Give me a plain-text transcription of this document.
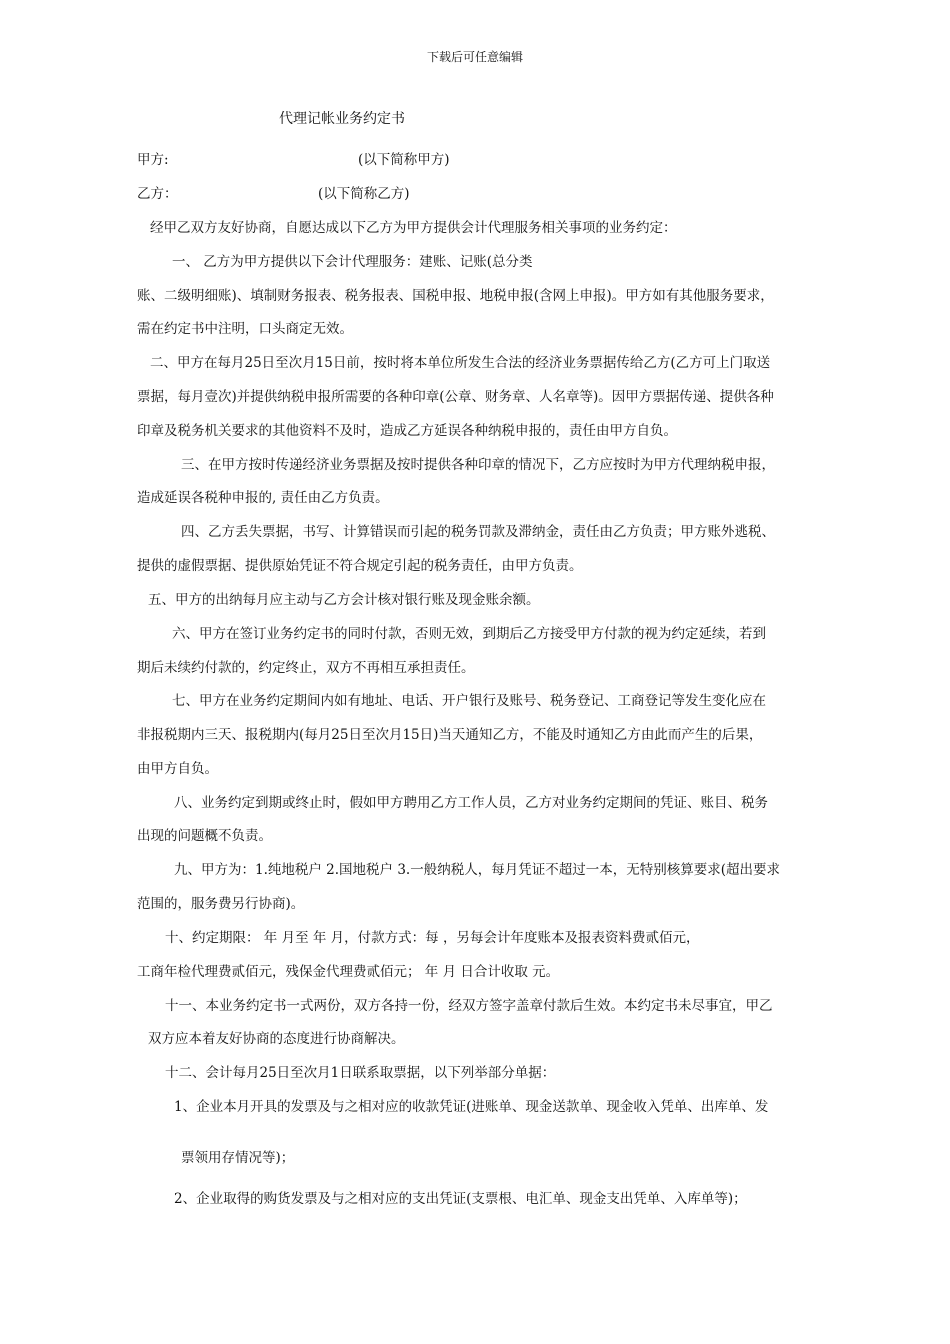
下载后可任意编辑
代理记帐业务约定书
甲方:	(以下简称甲方)
乙方：	(以下简称乙方)
经甲乙双方友好协商，自愿达成以下乙方为甲方提供会计代理服务相关事项的业务约定：
一、 乙方为甲方提供以下会计代理服务：建账、记账(总分类
账、二级明细账)、填制财务报表、税务报表、国税申报、地税申报(含网上申报)。甲方如有其他服务要求，
需在约定书中注明，口头商定无效。
二、甲方在每月25日至次月15日前，按时将本单位所发生合法的经济业务票据传给乙方(乙方可上门取送
票据，每月壹次)并提供纳税申报所需要的各种印章(公章、财务章、人名章等)。因甲方票据传递、提供各种
印章及税务机关要求的其他资料不及时，造成乙方延误各种纳税申报的，责任由甲方自负。
三、在甲方按时传递经济业务票据及按时提供各种印章的情况下，乙方应按时为甲方代理纳税申报，
造成延误各税种申报的, 责任由乙方负责。
四、乙方丢失票据，书写、计算错误而引起的税务罚款及滞纳金，责任由乙方负责；甲方账外逃税、
提供的虚假票据、提供原始凭证不符合规定引起的税务责任，由甲方负责。
五、甲方的出纳每月应主动与乙方会计核对银行账及现金账余额。
六、甲方在签订业务约定书的同时付款，否则无效，到期后乙方接受甲方付款的视为约定延续，若到
期后未续约付款的，约定终止，双方不再相互承担责任。
七、甲方在业务约定期间内如有地址、电话、开户银行及账号、税务登记、工商登记等发生变化应在
非报税期内三天、报税期内(每月25日至次月15日)当天通知乙方，不能及时通知乙方由此而产生的后果，
由甲方自负。
八、业务约定到期或终止时，假如甲方聘用乙方工作人员，乙方对业务约定期间的凭证、账目、税务
出现的问题概不负责。
九、甲方为：1.纯地税户 2.国地税户 3.一般纳税人，每月凭证不超过一本，无特别核算要求(超出要求
范围的，服务费另行协商)。
十、约定期限： 年 月至 年 月，付款方式：每 ，另每会计年度账本及报表资料费贰佰元，
工商年检代理费贰佰元，残保金代理费贰佰元； 年 月 日合计收取 元。
十一、本业务约定书一式两份，双方各持一份，经双方签字盖章付款后生效。本约定书未尽事宜，甲乙
双方应本着友好协商的态度进行协商解决。
十二、会计每月25日至次月1日联系取票据，以下列举部分单据：
1、企业本月开具的发票及与之相对应的收款凭证(进账单、现金送款单、现金收入凭单、出库单、发
票领用存情况等)；
2、企业取得的购货发票及与之相对应的支出凭证(支票根、电汇单、现金支出凭单、入库单等)；
